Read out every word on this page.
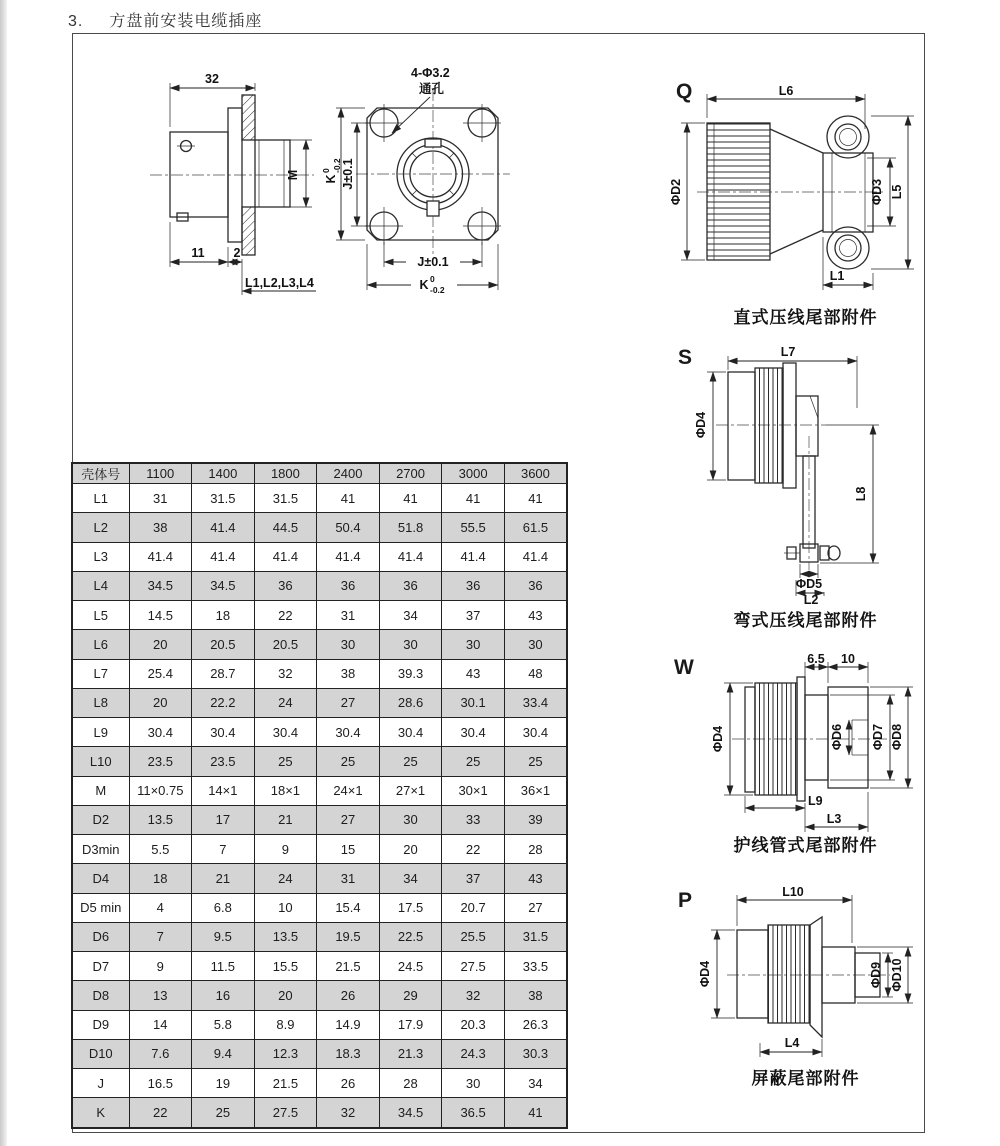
3. 方盘前安装电缆插座
32
11 2
M
L1,L2,L3,L4
4-Φ3.2
通孔
K
0 -0.2 J±0.1
J±0.1
K 0
-0.2
Q	L6
ΦD2	ΦD3 L5
L1
直式压线尾部附件
S	L7
ΦD4
L8
ΦD5
L2
弯式压线尾部附件
W	6.5 10
ΦD4	ΦD6 ΦD7 ΦD8
L9
L3
护线管式尾部附件
P	L10
ΦD4	ΦD9 ΦD10
L4
屏蔽尾部附件
壳体号	1100	1400	1800	2400	2700	3000	3600
L1	31	31.5	31.5	41	41	41	41
L2	38	41.4	44.5	50.4	51.8	55.5	61.5
L3	41.4	41.4	41.4	41.4	41.4	41.4	41.4
L4	34.5	34.5	36	36	36	36	36
L5	14.5	18	22	31	34	37	43
L6	20	20.5	20.5	30	30	30	30
L7	25.4	28.7	32	38	39.3	43	48
L8	20	22.2	24	27	28.6	30.1	33.4
L9	30.4	30.4	30.4	30.4	30.4	30.4	30.4
L10	23.5	23.5	25	25	25	25	25
M	11×0.75	14×1	18×1	24×1	27×1	30×1	36×1
D2	13.5	17	21	27	30	33	39
D3min	5.5	7	9	15	20	22	28
D4	18	21	24	31	34	37	43
D5 min	4	6.8	10	15.4	17.5	20.7	27
D6	7	9.5	13.5	19.5	22.5	25.5	31.5
D7	9	11.5	15.5	21.5	24.5	27.5	33.5
D8	13	16	20	26	29	32	38
D9	14	5.8	8.9	14.9	17.9	20.3	26.3
D10	7.6	9.4	12.3	18.3	21.3	24.3	30.3
J	16.5	19	21.5	26	28	30	34
K	22	25	27.5	32	34.5	36.5	41
